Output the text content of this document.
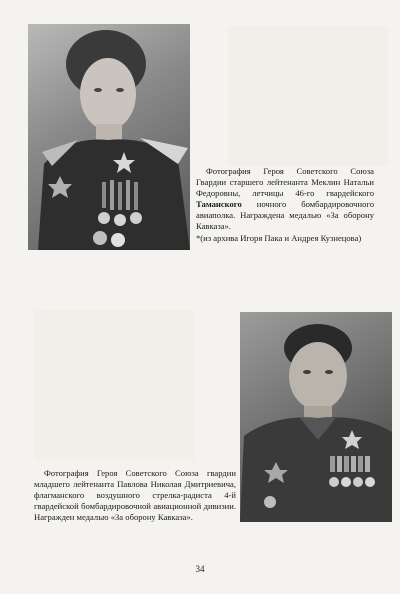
Фотография Героя Советского Союза Гвардии старшего лейтенанта Меклин Натальи Федоровны, летчицы 46-го гвардейского Таманского ночного бомбардировочного авиаполка. Награждена медалью «За оборону Кавказа».
*(из архива Игоря Пака и Андрея Кузнецова)
Фотография Героя Советского Союза гвардии младшего лейтенанта Павлова Николая Дмитриевича, флагманского воздушного стрелка-радиста 4-й гвардейской бомбардировочной авиационной дивизии. Награжден медалью «За оборону Кавказа».
34
